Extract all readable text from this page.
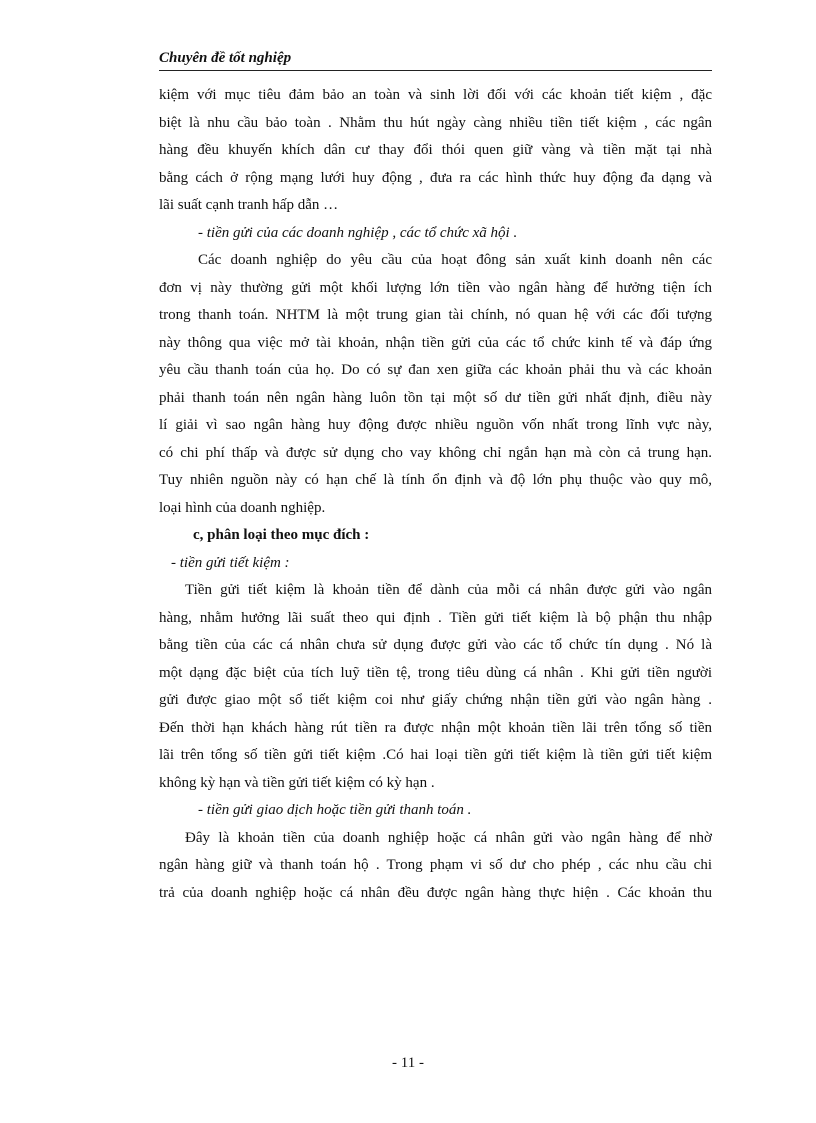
Chuyên đề tốt nghiệp
kiệm với mục tiêu đảm bảo an toàn và sinh lời đối với các khoản tiết kiệm , đặc
biệt là nhu cầu bảo toàn . Nhằm thu hút ngày càng nhiều tiền tiết kiệm , các ngân
hàng đều khuyến khích dân cư thay đổi thói quen giữ vàng và tiền mặt tại nhà
bằng cách ở rộng mạng lưới huy động , đưa ra các hình thức huy động đa dạng và
lãi suất cạnh tranh hấp dẫn …
- tiền gửi của các doanh nghiệp , các tổ chức xã hội .
Các doanh nghiệp do yêu cầu của hoạt đông sản xuất kinh doanh nên các
đơn vị này thường gửi một khối lượng lớn tiền vào ngân hàng để hưởng tiện ích
trong thanh toán. NHTM là một trung gian tài chính, nó quan hệ với các đối tượng
này thông qua việc mở tài khoản, nhận tiền gửi của các tổ chức kinh tế và đáp ứng
yêu cầu thanh toán của họ. Do có sự đan xen giữa các khoản phải thu và các khoản
phải thanh toán nên ngân hàng luôn tồn tại một số dư tiền gửi nhất định, điều này
lí giải vì sao ngân hàng huy động được nhiều nguồn vốn nhất trong lĩnh vực này,
có chi phí thấp và được sử dụng cho vay không chỉ ngắn hạn mà còn cả trung hạn.
Tuy nhiên nguồn này có hạn chế là tính ổn định và độ lớn phụ thuộc vào quy mô,
loại hình của doanh nghiệp.
c, phân loại theo mục đích :
- tiền gửi tiết kiệm :
Tiền gửi tiết kiệm là khoản tiền để dành của mỗi cá nhân được gửi vào ngân
hàng, nhằm hưởng lãi suất theo qui định . Tiền gửi tiết kiệm là bộ phận thu nhập
bằng tiền của các cá nhân chưa sử dụng được gửi vào các tổ chức tín dụng . Nó là
một dạng đặc biệt của tích luỹ tiền tệ, trong tiêu dùng cá nhân . Khi gửi tiền người
gửi được giao một sổ tiết kiệm coi như giấy chứng nhận tiền gửi vào ngân hàng .
Đến thời hạn khách hàng rút tiền ra được nhận một khoản tiền lãi trên tổng số tiền
lãi trên tổng số tiền gửi tiết kiệm .Có hai loại tiền gửi tiết kiệm là tiền gửi tiết kiệm
không kỳ hạn và tiền gửi tiết kiệm có kỳ hạn .
- tiền gửi giao dịch hoặc tiền gửi thanh toán .
Đây là khoản tiền của doanh nghiệp hoặc cá nhân gửi vào ngân hàng để nhờ
ngân hàng giữ và thanh toán hộ . Trong phạm vi số dư cho phép , các nhu cầu chi
trả của doanh nghiệp hoặc cá nhân đều được ngân hàng thực hiện . Các khoản thu
- 11 -
